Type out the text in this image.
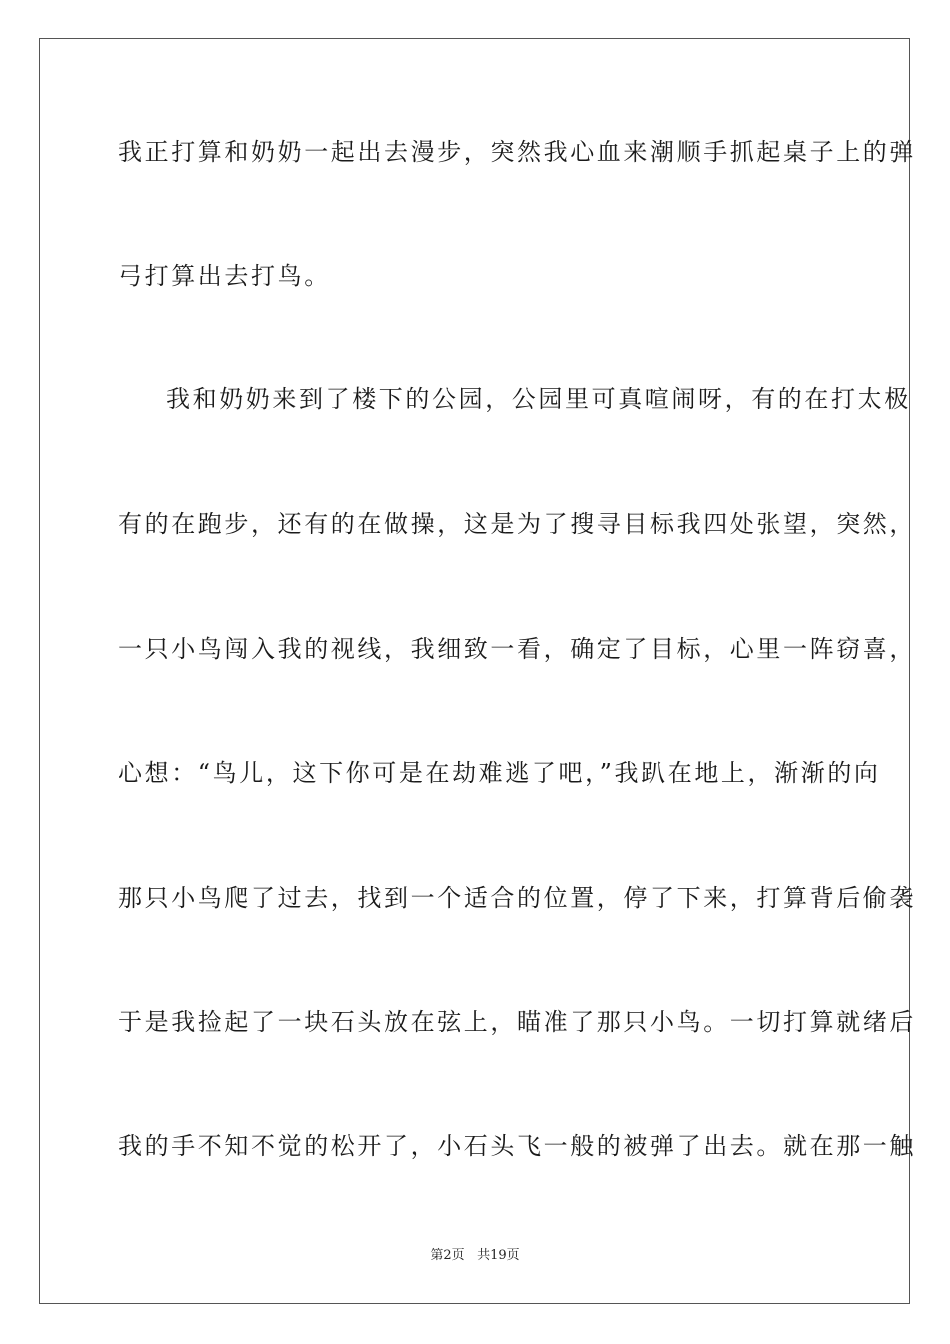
我正打算和奶奶一起出去漫步，突然我心血来潮顺手抓起桌子上的弹
弓打算出去打鸟。
我和奶奶来到了楼下的公园，公园里可真喧闹呀，有的在打太极
有的在跑步，还有的在做操，这是为了搜寻目标我四处张望，突然，
一只小鸟闯入我的视线，我细致一看，确定了目标，心里一阵窃喜，
心想：“鸟儿，这下你可是在劫难逃了吧，”我趴在地上，渐渐的向
那只小鸟爬了过去，找到一个适合的位置，停了下来，打算背后偷袭
于是我捡起了一块石头放在弦上，瞄准了那只小鸟。一切打算就绪后
我的手不知不觉的松开了，小石头飞一般的被弹了出去。就在那一触
第2页 共19页
